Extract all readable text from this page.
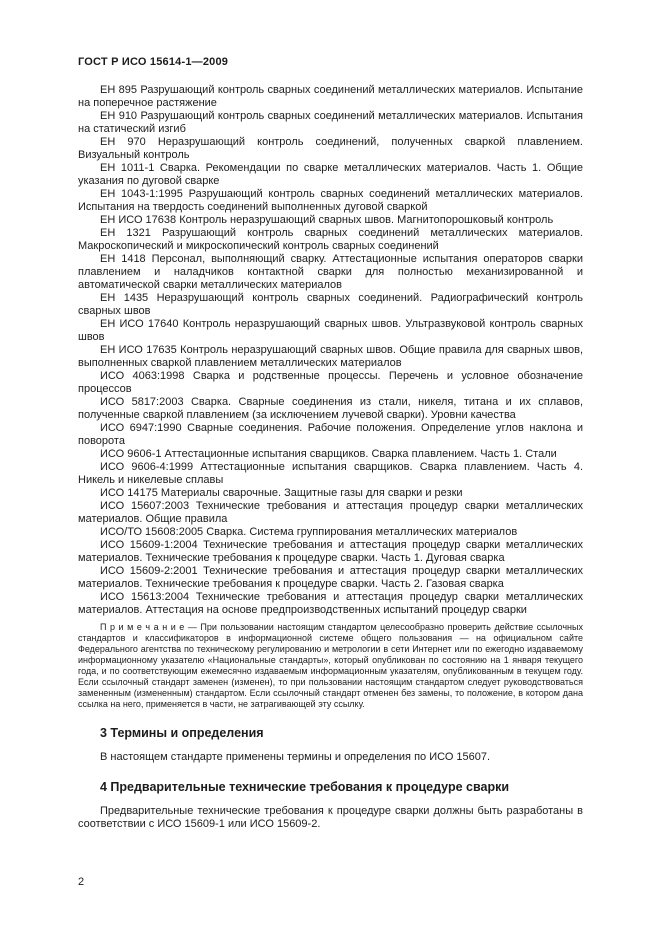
ГОСТ Р ИСО 15614-1—2009

ЕН 895 Разрушающий контроль сварных соединений металлических материалов. Испытание на поперечное растяжение

ЕН 910 Разрушающий контроль сварных соединений металлических материалов. Испытания на статический изгиб

ЕН 970 Неразрушающий контроль соединений, полученных сваркой плавлением. Визуальный контроль

ЕН 1011-1 Сварка. Рекомендации по сварке металлических материалов. Часть 1. Общие указания по дуговой сварке

ЕН 1043-1:1995 Разрушающий контроль сварных соединений металлических материалов. Испытания на твердость соединений выполненных дуговой сваркой

ЕН ИСО 17638 Контроль неразрушающий сварных швов. Магнитопорошковый контроль

ЕН 1321 Разрушающий контроль сварных соединений металлических материалов. Макроскопический и микроскопический контроль сварных соединений

ЕН 1418 Персонал, выполняющий сварку. Аттестационные испытания операторов сварки плавлением и наладчиков контактной сварки для полностью механизированной и автоматической сварки металлических материалов

ЕН 1435 Неразрушающий контроль сварных соединений. Радиографический контроль сварных швов

ЕН ИСО 17640 Контроль неразрушающий сварных швов. Ультразвуковой контроль сварных швов

ЕН ИСО 17635 Контроль неразрушающий сварных швов. Общие правила для сварных швов, выполненных сваркой плавлением металлических материалов

ИСО 4063:1998 Сварка и родственные процессы. Перечень и условное обозначение процессов

ИСО 5817:2003 Сварка. Сварные соединения из стали, никеля, титана и их сплавов, полученные сваркой плавлением (за исключением лучевой сварки). Уровни качества

ИСО 6947:1990 Сварные соединения. Рабочие положения. Определение углов наклона и поворота

ИСО 9606-1 Аттестационные испытания сварщиков. Сварка плавлением. Часть 1. Стали

ИСО 9606-4:1999 Аттестационные испытания сварщиков. Сварка плавлением. Часть 4. Никель и никелевые сплавы

ИСО 14175 Материалы сварочные. Защитные газы для сварки и резки

ИСО 15607:2003 Технические требования и аттестация процедур сварки металлических материалов. Общие правила

ИСО/ТО 15608:2005 Сварка. Система группирования металлических материалов

ИСО 15609-1:2004 Технические требования и аттестация процедур сварки металлических материалов. Технические требования к процедуре сварки. Часть 1. Дуговая сварка

ИСО 15609-2:2001 Технические требования и аттестация процедур сварки металлических материалов. Технические требования к процедуре сварки. Часть 2. Газовая сварка

ИСО 15613:2004 Технические требования и аттестация процедур сварки металлических материалов. Аттестация на основе предпроизводственных испытаний процедур сварки

П р и м е ч а н и е — При пользовании настоящим стандартом целесообразно проверить действие ссылочных стандартов и классификаторов в информационной системе общего пользования — на официальном сайте Федерального агентства по техническому регулированию и метрологии в сети Интернет или по ежегодно издаваемому информационному указателю «Национальные стандарты», который опубликован по состоянию на 1 января текущего года, и по соответствующим ежемесячно издаваемым информационным указателям, опубликованным в текущем году. Если ссылочный стандарт заменен (изменен), то при пользовании настоящим стандартом следует руководствоваться замененным (измененным) стандартом. Если ссылочный стандарт отменен без замены, то положение, в котором дана ссылка на него, применяется в части, не затрагивающей эту ссылку.

3 Термины и определения

В настоящем стандарте применены термины и определения по ИСО 15607.

4 Предварительные технические требования к процедуре сварки

Предварительные технические требования к процедуре сварки должны быть разработаны в соответствии с ИСО 15609-1 или ИСО 15609-2.

2
